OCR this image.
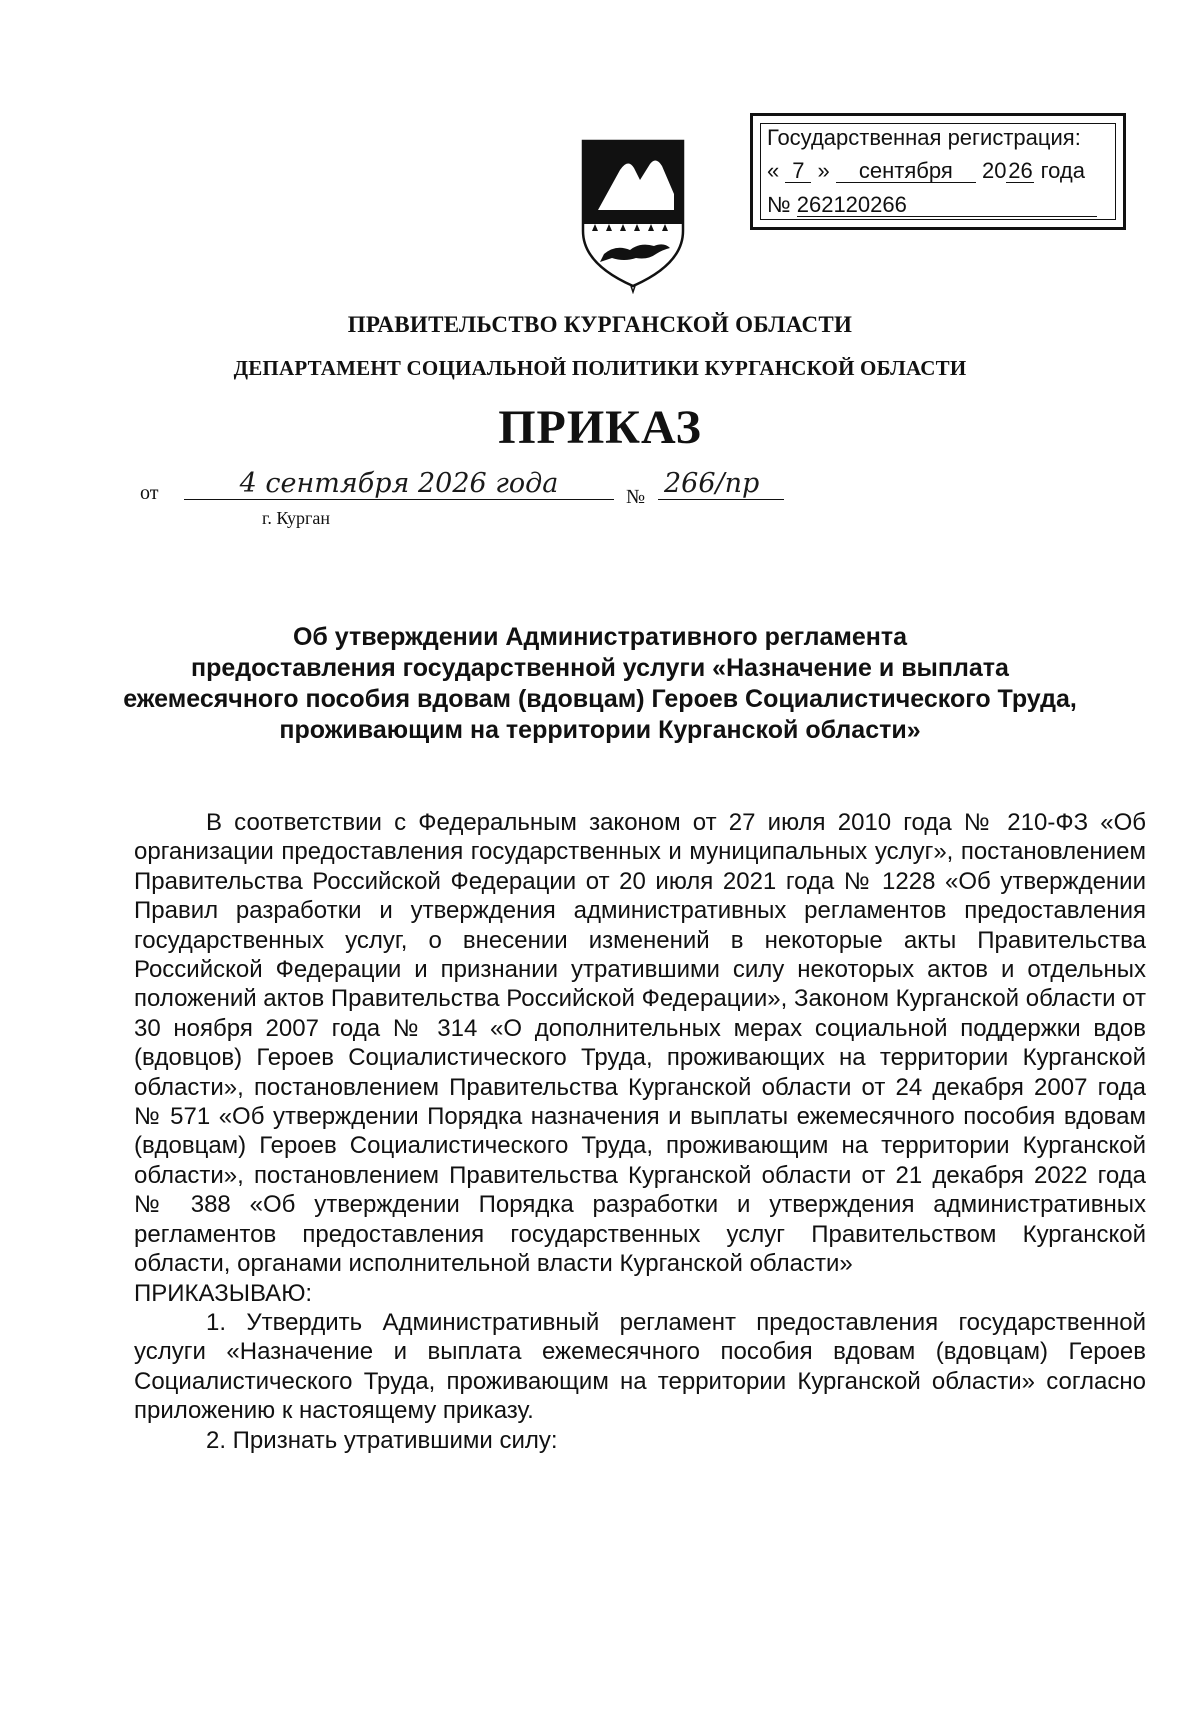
Государственная регистрация:
« 7 » сентября 2026 года
№ 262120266
ПРАВИТЕЛЬСТВО КУРГАНСКОЙ ОБЛАСТИ
ДЕПАРТАМЕНТ СОЦИАЛЬНОЙ ПОЛИТИКИ КУРГАНСКОЙ ОБЛАСТИ
ПРИКАЗ
от	4 сентября 2026 года	№ 266/пр
г. Курган
Об утверждении Административного регламента
предоставления государственной услуги «Назначение и выплата
ежемесячного пособия вдовам (вдовцам) Героев Социалистического Труда,
проживающим на территории Курганской области»

В соответствии с Федеральным законом от 27 июля 2010 года № 210-ФЗ «Об организации предоставления государственных и муниципальных услуг», постановлением Правительства Российской Федерации от 20 июля 2021 года № 1228 «Об утверждении Правил разработки и утверждения административных регламентов предоставления государственных услуг, о внесении изменений в некоторые акты Правительства Российской Федерации и признании утратившими силу некоторых актов и отдельных положений актов Правительства Российской Федерации», Законом Курганской области от 30 ноября 2007 года № 314 «О дополнительных мерах социальной поддержки вдов (вдовцов) Героев Социалистического Труда, проживающих на территории Курганской области», постановлением Правительства Курганской области от 24 декабря 2007 года № 571 «Об утверждении Порядка назначения и выплаты ежемесячного пособия вдовам (вдовцам) Героев Социалистического Труда, проживающим на территории Курганской области», постановлением Правительства Курганской области от 21 декабря 2022 года № 388 «Об утверждении Порядка разработки и утверждения административных регламентов предоставления государственных услуг Правительством Курганской области, органами исполнительной власти Курганской области»

ПРИКАЗЫВАЮ:

1. Утвердить Административный регламент предоставления государственной услуги «Назначение и выплата ежемесячного пособия вдовам (вдовцам) Героев Социалистического Труда, проживающим на территории Курганской области» согласно приложению к настоящему приказу.

2. Признать утратившими силу:
